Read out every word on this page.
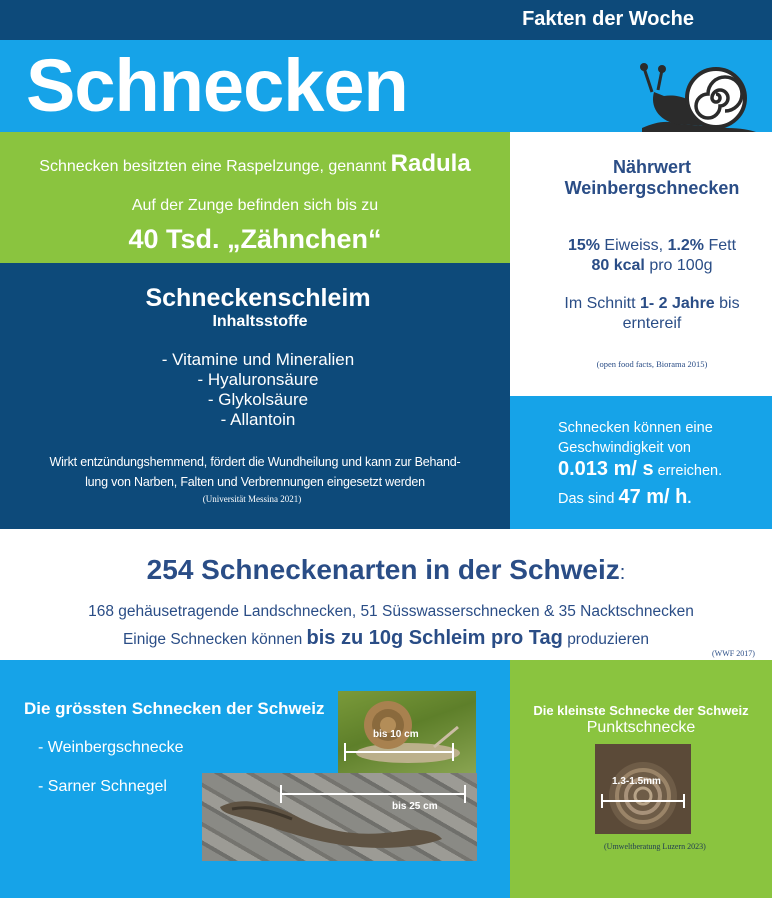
Fakten der Woche
Schnecken
Schnecken besitzten eine Raspelzunge, genannt Radula
Auf der Zunge befinden sich bis zu
40 Tsd. „Zähnchen“
Schneckenschleim
Inhaltsstoffe
- Vitamine und Mineralien
- Hyaluronsäure
- Glykolsäure
- Allantoin
Wirkt entzündungshemmend, fördert die Wundheilung und kann zur Behand-
lung von Narben, Falten und Verbrennungen eingesetzt werden
(Universität Messina 2021)
Nährwert
Weinbergschnecken
15% Eiweiss, 1.2% Fett
80 kcal pro 100g
Im Schnitt 1- 2 Jahre bis
erntereif
(open food facts, Biorama 2015)
Schnecken können eine
Geschwindigkeit von
0.013 m/ s erreichen.
Das sind 47 m/ h.
254 Schneckenarten in der Schweiz:
168 gehäusetragende Landschnecken, 51 Süsswasserschnecken & 35 Nacktschnecken
Einige Schnecken können bis zu 10g Schleim pro Tag produzieren
(WWF 2017)
Die grössten Schnecken der Schweiz
- Weinbergschnecke
- Sarner Schnegel
bis 10 cm
bis 25 cm
Die kleinste Schnecke der Schweiz
Punktschnecke
1.3-1.5mm
(Umweltberatung Luzern 2023)
